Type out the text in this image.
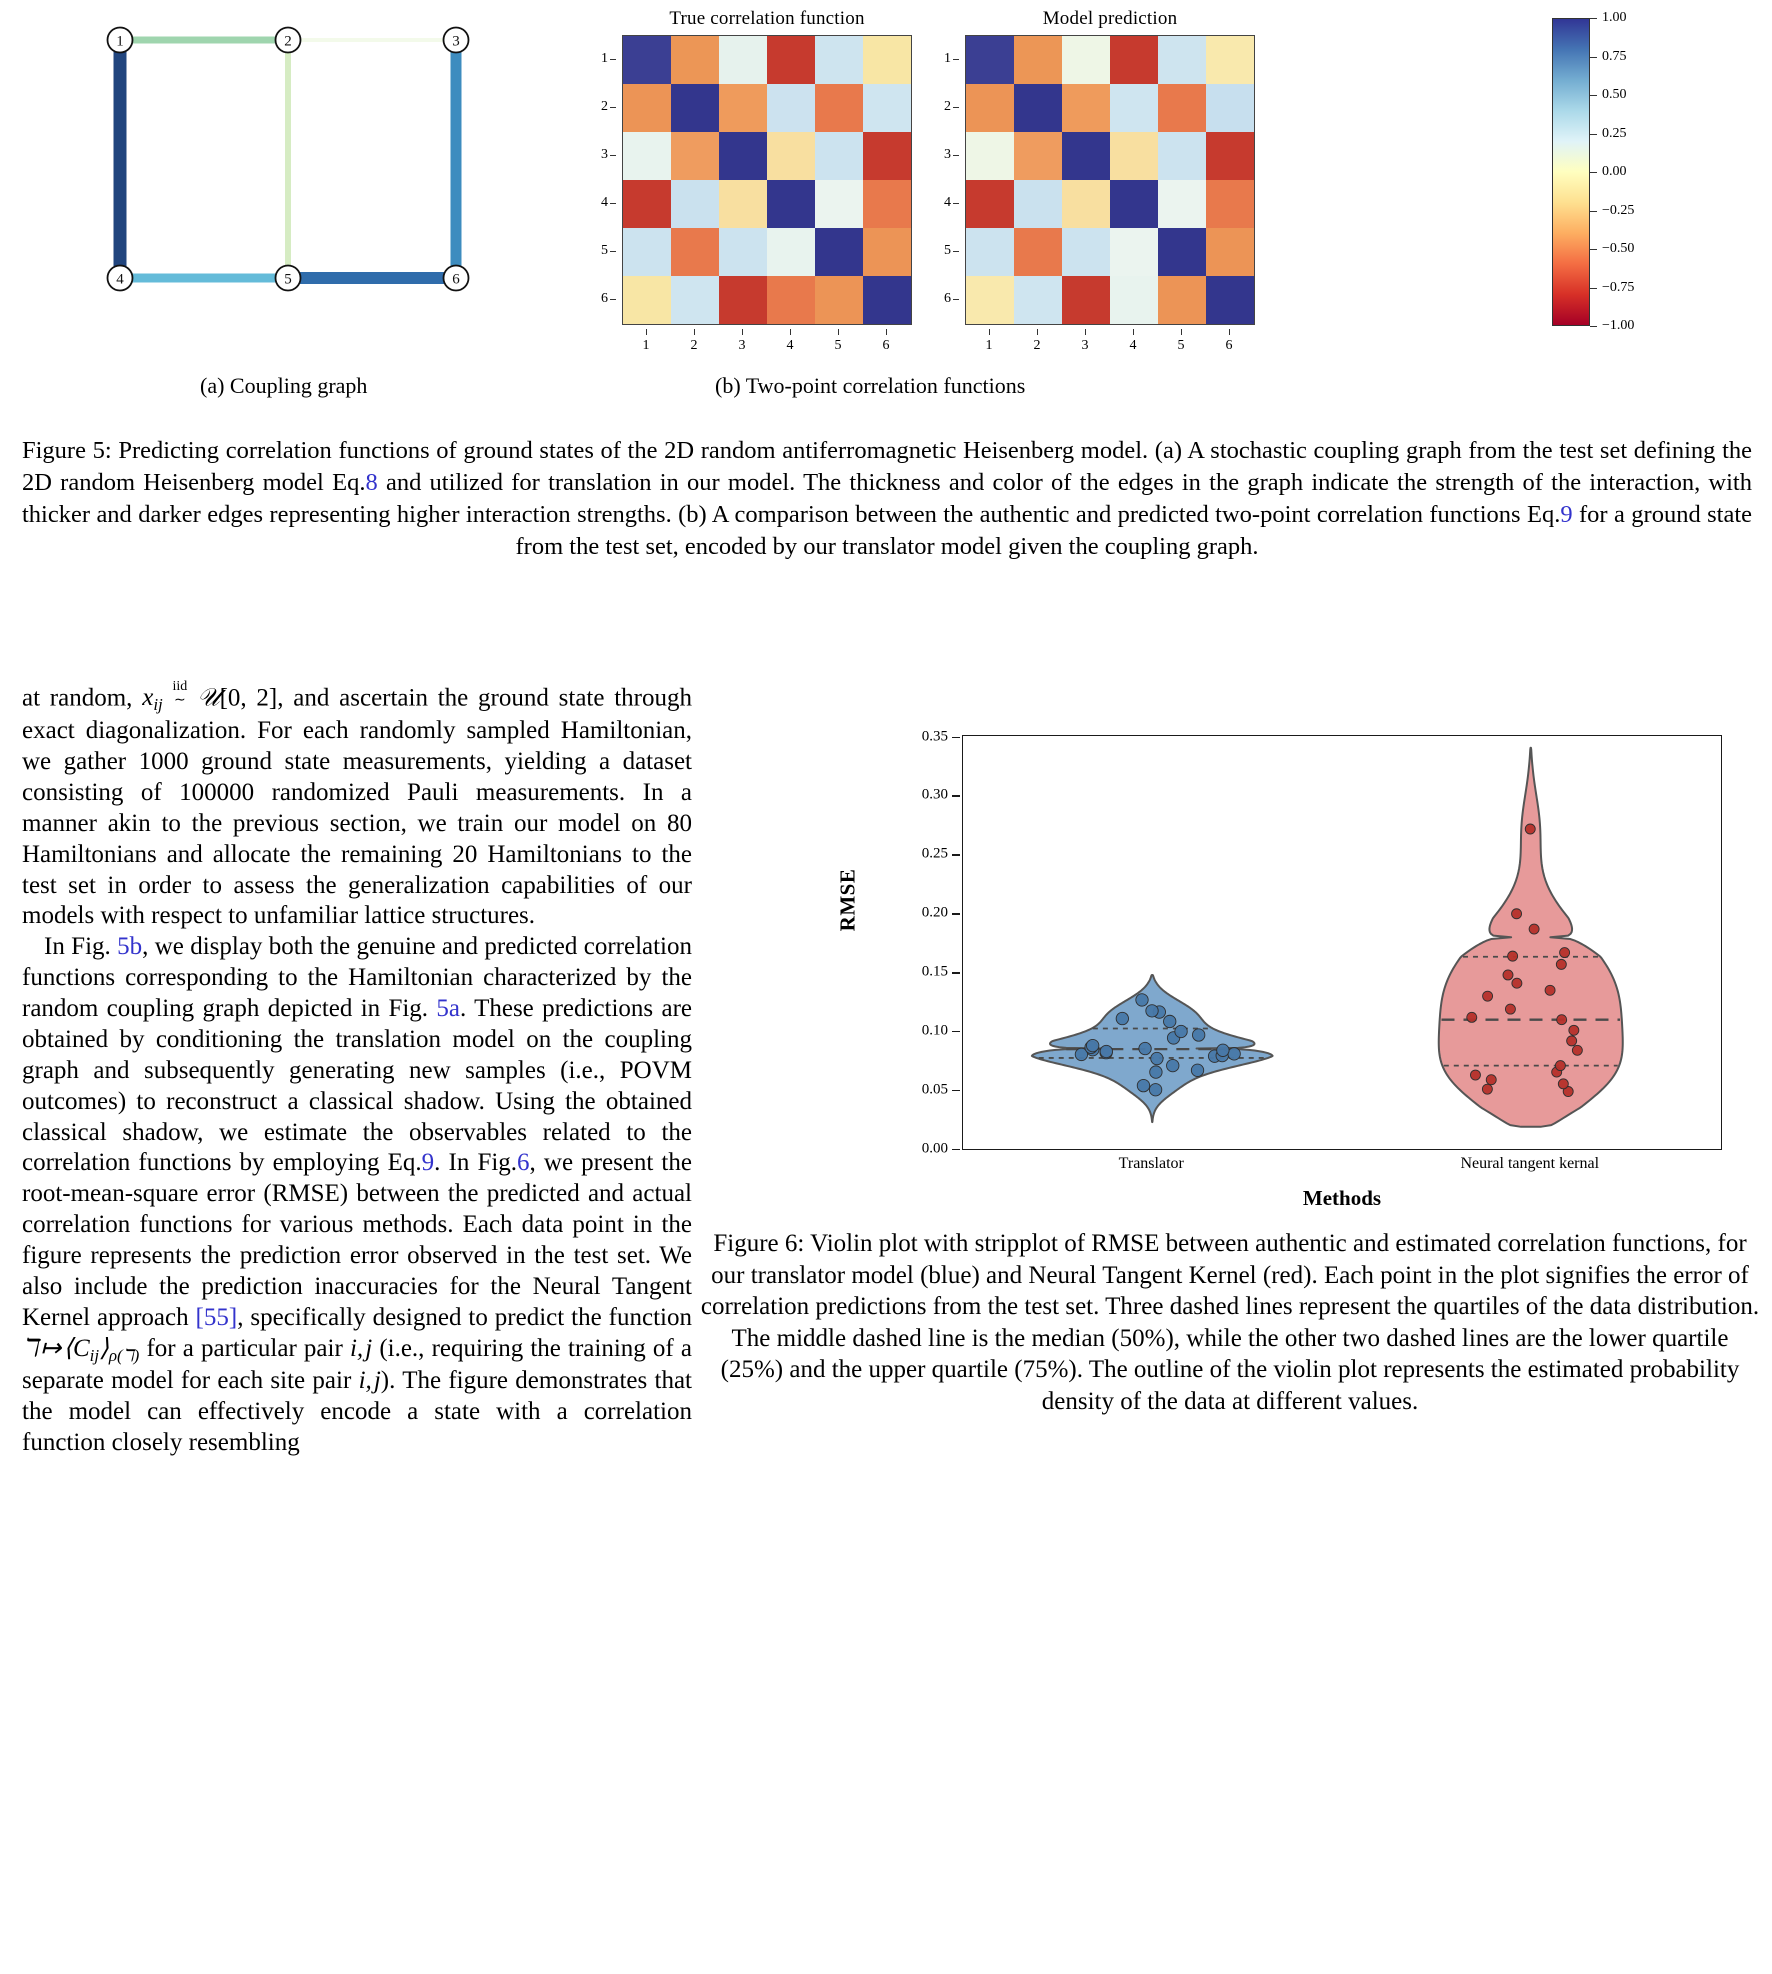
1	2	3
4	5	6
True correlation function
1
2
3
4
5
6
1	2	3	4	5	6
Model prediction
1
2
3
4
5
6
1	2	3	4	5	6
1.00
0.75
0.50
0.25
0.00
−0.25
−0.50
−0.75
−1.00
(a) Coupling graph	(b) Two-point correlation functions
Figure 5: Predicting correlation functions of ground states of the 2D random antiferromagnetic Heisenberg model. (a) A stochastic coupling graph from the test set defining the 2D random Heisenberg model Eq.8 and utilized for translation in our model. The thickness and color of the edges in the graph indicate the strength of the interaction, with thicker and darker edges representing higher interaction strengths. (b) A comparison between the authentic and predicted two-point correlation functions Eq.9 for a ground state from the test set, encoded by our translator model given the coupling graph.

at random, $x_{ij}$ iid
∼ 𝒰[0, 2], and ascertain the ground state through exact diagonalization. For each randomly sampled Hamiltonian, we gather 1000 ground state measurements, yielding a dataset consisting of 100000 randomized Pauli measurements. In a manner akin to the previous section, we train our model on 80 Hamiltonians and allocate the remaining 20 Hamiltonians to the test set in order to assess the generalization capabilities of our models with respect to unfamiliar lattice structures.

In Fig. 5b, we display both the genuine and predicted correlation functions corresponding to the Hamiltonian characterized by the random coupling graph depicted in Fig. 5a. These predictions are obtained by conditioning the translation model on the coupling graph and subsequently generating new samples (i.e., POVM outcomes) to reconstruct a classical shadow. Using the obtained classical shadow, we estimate the observables related to the correlation functions by employing Eq.9. In Fig.6, we present the root-mean-square error (RMSE) between the predicted and actual correlation functions for various methods. Each data point in the figure represents the prediction error observed in the test set. We also include the prediction inaccuracies for the Neural Tangent Kernel approach [55], specifically designed to predict the function ℸ ↦ $⟨C_{ij}⟩_{\rho(ℸ)}$ for a particular pair i, j (i.e., requiring the training of a separate model for each site pair i, j). The figure demonstrates that the model can effectively encode a state with a correlation function closely resembling

RMSE
0.00
0.05
0.10
0.15
0.20
0.25
0.30
0.35
Translator	Neural tangent kernal
Methods
Figure 6: Violin plot with stripplot of RMSE between authentic and estimated correlation functions, for our translator model (blue) and Neural Tangent Kernel (red). Each point in the plot signifies the error of correlation predictions from the test set. Three dashed lines represent the quartiles of the data distribution. The middle dashed line is the median (50%), while the other two dashed lines are the lower quartile (25%) and the upper quartile (75%). The outline of the violin plot represents the estimated probability density of the data at different values.
